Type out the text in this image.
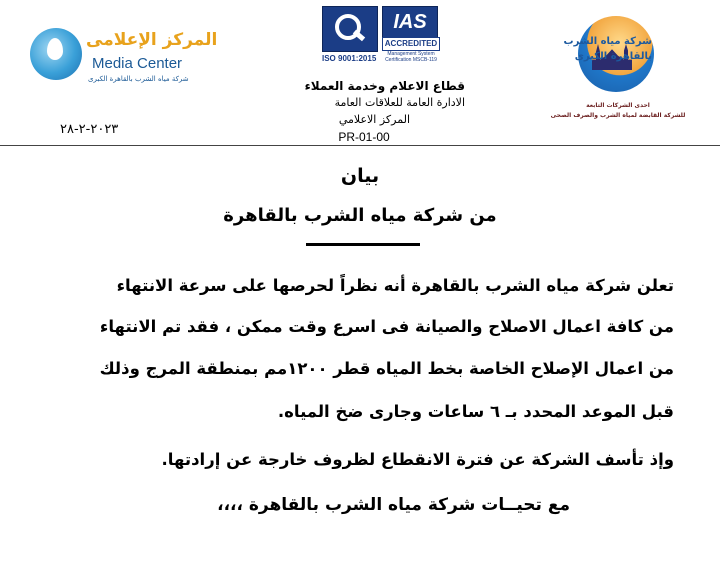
المركز الإعلامى
Media Center
شركة مياه الشرب بالقاهرة الكبرى
ISO 9001:2015
IAS
ACCREDITED
Management System Certification MSCB-119
شركة مياه الشرب
بالقاهرة الكبرى
احدى الشركات التابعة
للشركة القابضة لمياه الشرب والصرف الصحى
قطاع الاعلام وخدمة العملاء
الادارة العامة للعلاقات العامة
المركز الاعلامي
PR-01-00
٢٠٢٣-٢-٢٨
بيان
من شركة مياه الشرب بالقاهرة
تعلن شركة مياه الشرب بالقاهرة أنه نظراً لحرصها على سرعة الانتهاء
من كافة اعمال الاصلاح والصيانة فى اسرع وقت ممكن ، فقد تم الانتهاء
من اعمال الإصلاح الخاصة بخط المياه قطر ١٢٠٠مم بمنطقة المرج وذلك
قبل الموعد المحدد بـ ٦ ساعات وجارى ضخ المياه.
وإذ تأسف الشركة عن فترة الانقطاع لظروف خارجة عن إرادتها.
مع تحيــات شركة مياه الشرب بالقاهرة ،،،،
